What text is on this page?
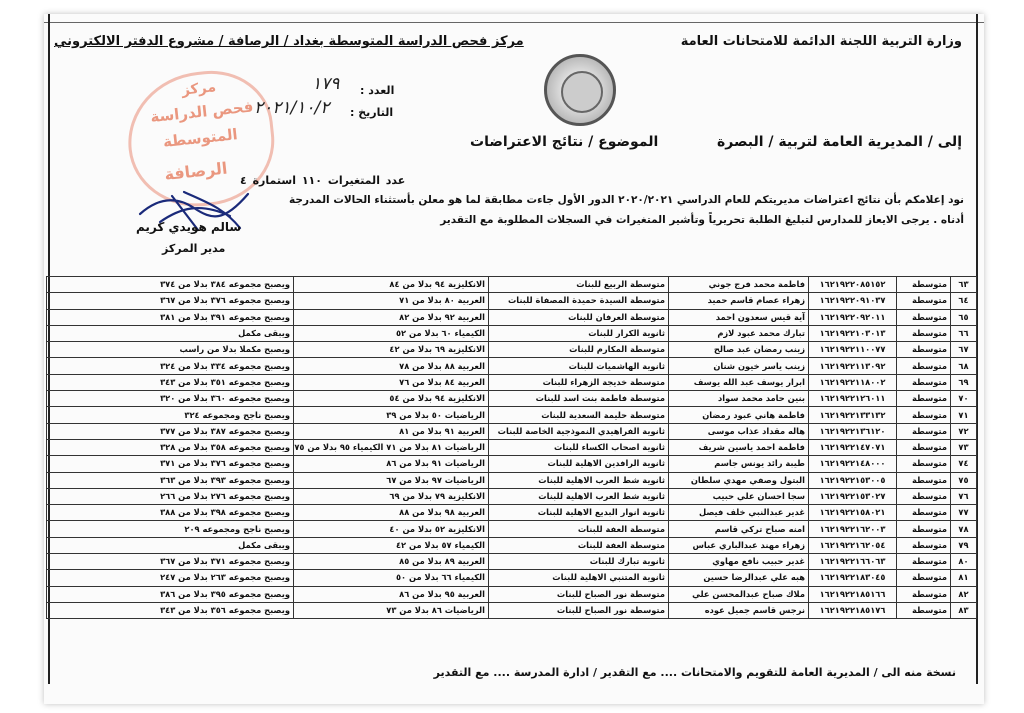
وزارة التربية اللجنة الدائمة للامتحانات العامة
مركز فحص الدراسة المتوسطة بغداد / الرصافة / مشروع الدفتر الالكتروني
مركز
فحص الدراسة
المتوسطة
الرصافة
العدد :
١٧٩
التاريخ :
٢٠٢١/١٠/٢
إلى / المديرية العامة لتربية / البصرة
الموضوع / نتائج الاعتراضات
عدد المتغيرات ١١٠ استمارة ٤
سالم هويدي كريم
مدير المركز
نود إعلامكم بأن نتائج اعتراضات مديريتكم للعام الدراسي ٢٠٢٠/٢٠٢١ الدور الأول جاءت مطابقة لما هو معلن بأستثناء الحالات المدرجة
أدناه . يرجى الايعاز للمدارس لتبليغ الطلبة تحريرياً وتأشير المتغيرات في السجلات المطلوبة مع التقدير
٦٣	متوسطة	١٦٢١٩٢٢٠٨٥١٥٢	فاطمة محمد فرج جوني	متوسطة الربيع للبنات	الانكليزية ٩٤ بدلا من ٨٤	ويصبح مجموعه ٣٨٤ بدلا من ٣٧٤
٦٤	متوسطة	١٦٢١٩٢٢٠٩١٠٣٧	زهراء عصام قاسم حميد	متوسطة السيدة حميدة المصفاة للبنات	العربية ٨٠ بدلا من ٧١	ويصبح مجموعه ٣٧٦ بدلا من ٣٦٧
٦٥	متوسطة	١٦٢١٩٢٢٠٩٢٠١١	آية قيس سعدون احمد	متوسطة العرفان للبنات	العربية ٩٢ بدلا من ٨٢	ويصبح مجموعه ٣٩١ بدلا من ٣٨١
٦٦	متوسطة	١٦٢١٩٢٢١٠٣٠١٣	تبارك محمد عبود لازم	ثانوية الكرار للبنات	الكيمياء ٦٠ بدلا من ٥٢	ويبقى مكمل
٦٧	متوسطة	١٦٢١٩٢٢١١٠٠٧٧	زينب رمضان عبد صالح	متوسطة المكارم للبنات	الانكليزية ٦٩ بدلا من ٤٢	ويصبح مكملا بدلا من راسب
٦٨	متوسطة	١٦٢١٩٢٢١١٣٠٩٢	زينب ياسر خيون شنان	ثانوية الهاشميات للبنات	العربية ٨٨ بدلا من ٧٨	ويصبح مجموعه ٣٣٤ بدلا من ٣٢٤
٦٩	متوسطة	١٦٢١٩٢٢١١٨٠٠٢	ابرار يوسف عبد الله يوسف	متوسطة خديجة الزهراء للبنات	العربية ٨٤ بدلا من ٧٦	ويصبح مجموعه ٣٥١ بدلا من ٣٤٣
٧٠	متوسطة	١٦٢١٩٢٢١٢٦٠١١	بنين حامد محمد سواد	متوسطة فاطمة بنت اسد للبنات	الانكليزية ٩٤ بدلا من ٥٤	ويصبح مجموعه ٣٦٠ بدلا من ٣٢٠
٧١	متوسطة	١٦٢١٩٢٢١٣٣١٣٢	فاطمة هاني عبود رمضان	متوسطة حليمة السعدية للبنات	الرياضيات ٥٠ بدلا من ٣٩	ويصبح ناجح ومجموعه ٣٢٤
٧٢	متوسطة	١٦٢١٩٢٢١٣٦١٢٠	هاله مقداد عذاب موسى	ثانوية الفراهيدي النموذجية الخاصة للبنات	العربية ٩١ بدلا من ٨١	ويصبح مجموعه ٣٨٧ بدلا من ٣٧٧
٧٣	متوسطة	١٦٢١٩٢٢١٤٧٠٧١	فاطمة احمد ياسين شريف	ثانوية اصحاب الكساء للبنات	الرياضيات ٨١ بدلا من ٧١ الكيمياء ٩٥ بدلا من ٧٥	ويصبح مجموعه ٣٥٨ بدلا من ٣٢٨
٧٤	متوسطة	١٦٢١٩٢٢١٤٨٠٠٠	طيبة رائد يونس جاسم	ثانوية الرافدين الاهلية للبنات	الرياضيات ٩١ بدلا من ٨٦	ويصبح مجموعه ٣٧٦ بدلا من ٣٧١
٧٥	متوسطة	١٦٢١٩٢٢١٥٣٠٠٥	البتول وصفي مهدي سلطان	ثانوية شط العرب الاهلية للبنات	الرياضيات ٩٧ بدلا من ٦٧	ويصبح مجموعه ٣٩٣ بدلا من ٣٦٣
٧٦	متوسطة	١٦٢١٩٢٢١٥٣٠٢٧	سجا احسان علي حبيب	ثانوية شط العرب الاهلية للبنات	الانكليزية ٧٩ بدلا من ٦٩	ويصبح مجموعه ٢٧٦ بدلا من ٢٦٦
٧٧	متوسطة	١٦٢١٩٢٢١٥٨٠٢١	غدير عبدالنبي خلف فيصل	ثانوية انوار البديع الاهلية للبنات	العربية ٩٨ بدلا من ٨٨	ويصبح مجموعه ٣٩٨ بدلا من ٣٨٨
٧٨	متوسطة	١٦٢١٩٢٢١٦٢٠٠٣	امنه صباح تركي قاسم	متوسطة العفة للبنات	الانكليزية ٥٢ بدلا من ٤٠	ويصبح ناجح ومجموعه ٢٠٩
٧٩	متوسطة	١٦٢١٩٢٢١٦٢٠٥٤	زهراء مهند عبدالباري عباس	متوسطة العفة للبنات	الكيمياء ٥٧ بدلا من ٤٢	ويبقى مكمل
٨٠	متوسطة	١٦٢١٩٢٢١٦٦٠٦٣	غدير حبيب نافع مهاوي	ثانوية تبارك للبنات	العربية ٨٩ بدلا من ٨٥	ويصبح مجموعه ٣٧١ بدلا من ٣٦٧
٨١	متوسطة	١٦٢١٩٢٢١٨٣٠٤٥	هبه علي عبدالرضا حسين	ثانوية المتنبي الاهلية للبنات	الكيمياء ٦٦ بدلا من ٥٠	ويصبح مجموعه ٢٦٣ بدلا من ٢٤٧
٨٢	متوسطة	١٦٢١٩٢٢١٨٥١٦٦	ملاك صباح عبدالمحسن علي	متوسطة نور الصباح للبنات	العربية ٩٥ بدلا من ٨٦	ويصبح مجموعه ٣٩٥ بدلا من ٣٨٦
٨٣	متوسطة	١٦٢١٩٢٢١٨٥١٧٦	نرجس قاسم جميل عوده	متوسطة نور الصباح للبنات	الرياضيات ٨٦ بدلا من ٧٣	ويصبح مجموعه ٣٥٦ بدلا من ٣٤٣
نسخة منه الى / المديرية العامة للتقويم والامتحانات .... مع التقدير / ادارة المدرسة .... مع التقدير
